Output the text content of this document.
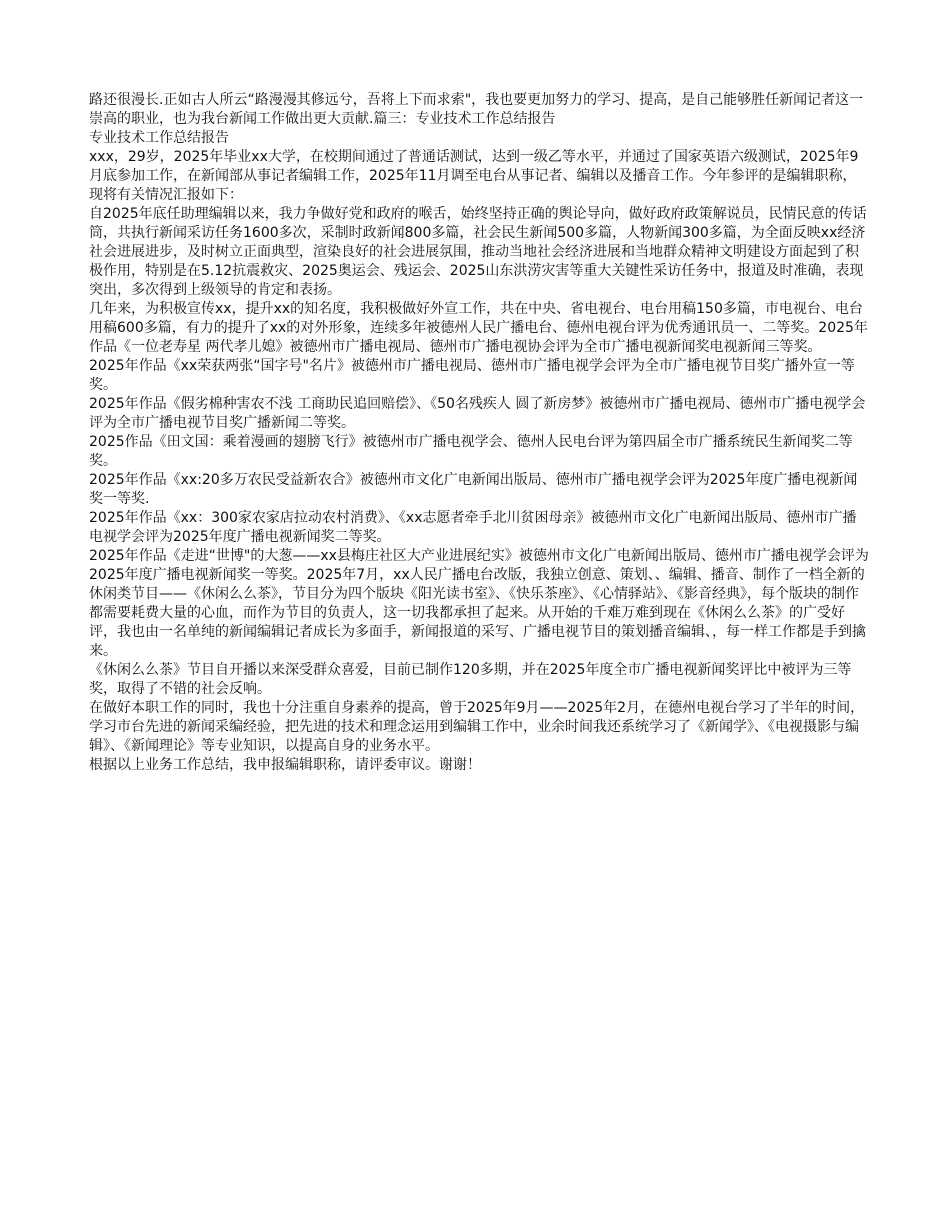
路还很漫长.正如古人所云“路漫漫其修远兮，吾将上下而求索"，我也要更加努力的学习、提高，是自己能够胜任新闻记者这一崇高的职业，也为我台新闻工作做出更大贡献.篇三：专业技术工作总结报告

专业技术工作总结报告

xxx，29岁，2025年毕业xx大学，在校期间通过了普通话测试，达到一级乙等水平，并通过了国家英语六级测试，2025年9月底参加工作，在新闻部从事记者编辑工作，2025年11月调至电台从事记者、编辑以及播音工作。今年参评的是编辑职称，现将有关情况汇报如下：

自2025年底任助理编辑以来，我力争做好党和政府的喉舌，始终坚持正确的舆论导向，做好政府政策解说员，民情民意的传话筒，共执行新闻采访任务1600多次，采制时政新闻800多篇，社会民生新闻500多篇，人物新闻300多篇，为全面反映xx经济社会进展进步，及时树立正面典型，渲染良好的社会进展氛围，推动当地社会经济进展和当地群众精神文明建设方面起到了积极作用，特别是在5.12抗震救灾、2025奥运会、残运会、2025山东洪涝灾害等重大关键性采访任务中，报道及时准确，表现突出，多次得到上级领导的肯定和表扬。

几年来，为积极宣传xx，提升xx的知名度，我积极做好外宣工作，共在中央、省电视台、电台用稿150多篇，市电视台、电台用稿600多篇，有力的提升了xx的对外形象，连续多年被德州人民广播电台、德州电视台评为优秀通讯员一、二等奖。2025年作品《一位老寿星 两代孝儿媳》被德州市广播电视局、德州市广播电视协会评为全市广播电视新闻奖电视新闻三等奖。

2025年作品《xx荣获两张“国字号"名片》被德州市广播电视局、德州市广播电视学会评为全市广播电视节目奖广播外宣一等奖。

2025年作品《假劣棉种害农不浅 工商助民追回赔偿》、《50名残疾人 圆了新房梦》被德州市广播电视局、德州市广播电视学会评为全市广播电视节目奖广播新闻二等奖。

2025作品《田文国：乘着漫画的翅膀飞行》被德州市广播电视学会、德州人民电台评为第四届全市广播系统民生新闻奖二等奖。

2025年作品《xx:20多万农民受益新农合》被德州市文化广电新闻出版局、德州市广播电视学会评为2025年度广播电视新闻奖一等奖.

2025年作品《xx：300家农家店拉动农村消费》、《xx志愿者牵手北川贫困母亲》被德州市文化广电新闻出版局、德州市广播电视学会评为2025年度广播电视新闻奖二等奖。

2025年作品《走进“世博"的大葱——xx县梅庄社区大产业进展纪实》被德州市文化广电新闻出版局、德州市广播电视学会评为2025年度广播电视新闻奖一等奖。2025年7月，xx人民广播电台改版，我独立创意、策划、、编辑、播音、制作了一档全新的休闲类节目——《休闲么么茶》，节目分为四个版块《阳光读书室》、《快乐茶座》、《心情驿站》、《影音经典》，每个版块的制作都需要耗费大量的心血，而作为节目的负责人，这一切我都承担了起来。从开始的千难万难到现在《休闲么么茶》的广受好评，我也由一名单纯的新闻编辑记者成长为多面手，新闻报道的采写、广播电视节目的策划播音编辑、，每一样工作都是手到擒来。

《休闲么么茶》节目自开播以来深受群众喜爱，目前已制作120多期，并在2025年度全市广播电视新闻奖评比中被评为三等奖，取得了不错的社会反响。

在做好本职工作的同时，我也十分注重自身素养的提高，曾于2025年9月——2025年2月，在德州电视台学习了半年的时间，学习市台先进的新闻采编经验，把先进的技术和理念运用到编辑工作中，业余时间我还系统学习了《新闻学》、《电视摄影与编辑》、《新闻理论》等专业知识，以提高自身的业务水平。

根据以上业务工作总结，我申报编辑职称，请评委审议。谢谢！
